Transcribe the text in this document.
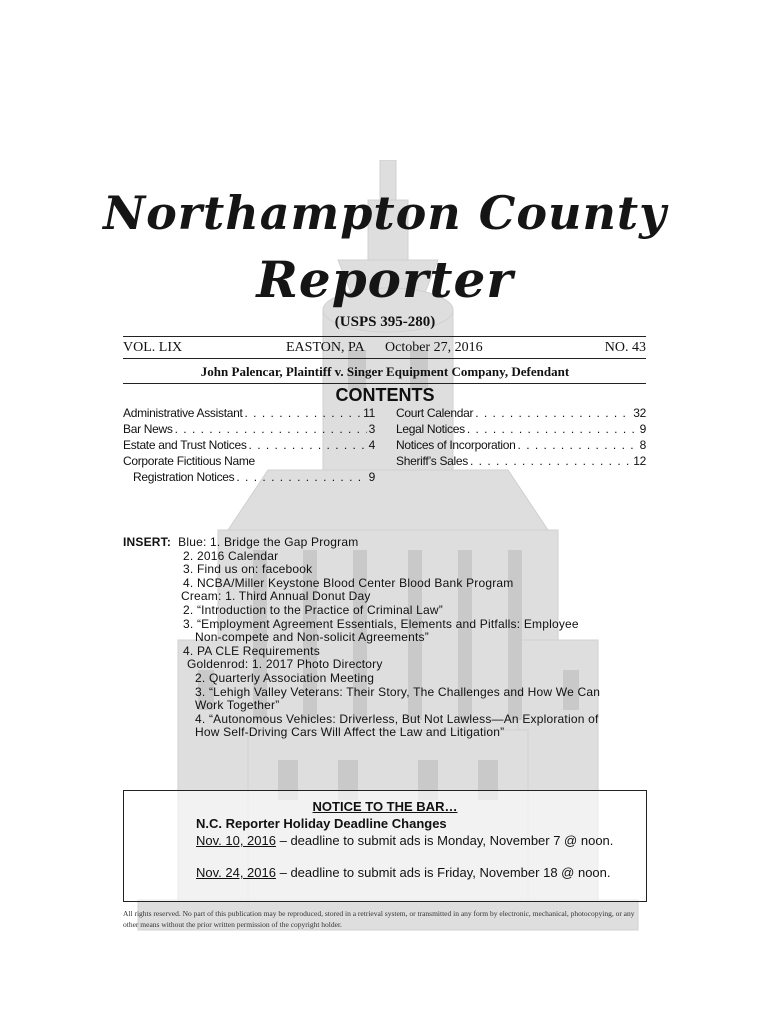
Northampton County
Reporter
(USPS 395-280)
VOL. LIX	EASTON, PA October 27, 2016	NO. 43
John Palencar, Plaintiff v. Singer Equipment Company, Defendant
CONTENTS
Administrative Assistant . . .	11
Bar News . . .	3
Estate and Trust Notices . . .	4
Corporate Fictitious Name
Registration Notices . . .	9
Court Calendar . . .	32
Legal Notices . . .	9
Notices of Incorporation . . .	8
Sheriff’s Sales . . .	12
INSERT: Blue: 1. Bridge the Gap Program
2. 2016 Calendar
3. Find us on: facebook
4. NCBA/Miller Keystone Blood Center Blood Bank Program
Cream: 1. Third Annual Donut Day
2. “Introduction to the Practice of Criminal Law”
3. “Employment Agreement Essentials, Elements and Pitfalls: Employee
Non-compete and Non-solicit Agreements”
4. PA CLE Requirements
Goldenrod: 1. 2017 Photo Directory
2. Quarterly Association Meeting
3. “Lehigh Valley Veterans: Their Story, The Challenges and How We Can
Work Together”
4. “Autonomous Vehicles: Driverless, But Not Lawless—An Exploration of
How Self-Driving Cars Will Affect the Law and Litigation”
NOTICE TO THE BAR…
N.C. Reporter Holiday Deadline Changes
Nov. 10, 2016 – deadline to submit ads is Monday, November 7 @ noon.
Nov. 24, 2016 – deadline to submit ads is Friday, November 18 @ noon.
All rights reserved. No part of this publication may be reproduced, stored in a retrieval system, or transmitted in any form by electronic, mechanical, photocopying, or any other means without the prior written permission of the copyright holder.
